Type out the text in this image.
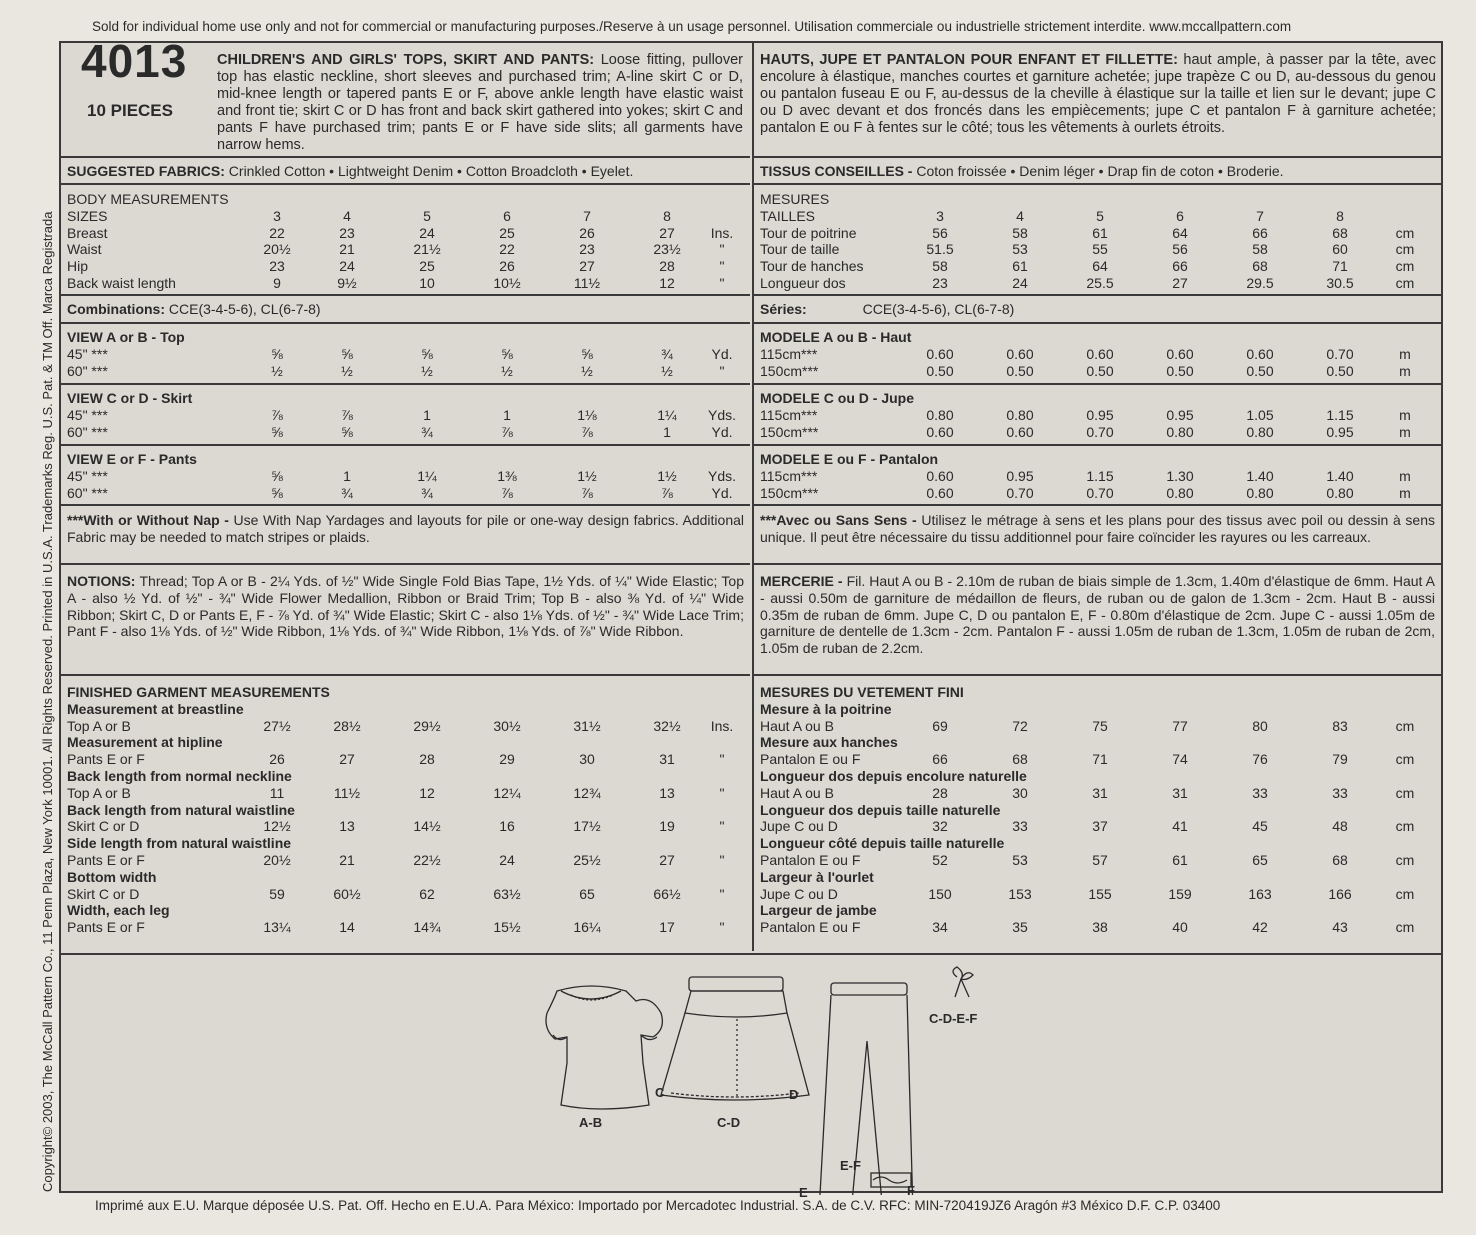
Sold for individual home use only and not for commercial or manufacturing purposes./Reserve à un usage personnel. Utilisation commerciale ou industrielle strictement interdite. www.mccallpattern.com
Copyright© 2003, The McCall Pattern Co., 11 Penn Plaza, New York 10001. All Rights Reserved. Printed in U.S.A. Trademarks Reg. U.S. Pat. & TM Off. Marca Registrada
4013
10 PIECES
CHILDREN'S AND GIRLS' TOPS, SKIRT AND PANTS: Loose fitting, pullover top has elastic neckline, short sleeves and purchased trim; A-line skirt C or D, mid-knee length or tapered pants E or F, above ankle length have elastic waist and front tie; skirt C or D has front and back skirt gathered into yokes; skirt C and pants F have purchased trim; pants E or F have side slits; all garments have narrow hems.
SUGGESTED FABRICS: Crinkled Cotton • Lightweight Denim • Cotton Broadcloth • Eyelet.
BODY MEASUREMENTS
SIZES	3	4	5	6	7	8
Breast	22	23	24	25	26	27	Ins.
Waist	20½	21	21½	22	23	23½	"
Hip	23	24	25	26	27	28	"
Back waist length	9	9½	10	10½	11½	12	"
Combinations: CCE(3-4-5-6), CL(6-7-8)
VIEW A or B - Top
45" ***	⅝	⅝	⅝	⅝	⅝	¾	Yd.
60" ***	½	½	½	½	½	½	"
VIEW C or D - Skirt
45" ***	⅞	⅞	1	1	1⅛	1¼	Yds.
60" ***	⅝	⅝	¾	⅞	⅞	1	Yd.
VIEW E or F - Pants
45" ***	⅝	1	1¼	1⅜	1½	1½	Yds.
60" ***	⅝	¾	¾	⅞	⅞	⅞	Yd.
***With or Without Nap - Use With Nap Yardages and layouts for pile or one-way design fabrics. Additional Fabric may be needed to match stripes or plaids.
NOTIONS: Thread; Top A or B - 2¼ Yds. of ½" Wide Single Fold Bias Tape, 1½ Yds. of ¼" Wide Elastic; Top A - also ½ Yd. of ½" - ¾" Wide Flower Medallion, Ribbon or Braid Trim; Top B - also ⅜ Yd. of ¼" Wide Ribbon; Skirt C, D or Pants E, F - ⅞ Yd. of ¾" Wide Elastic; Skirt C - also 1⅛ Yds. of ½" - ¾" Wide Lace Trim; Pant F - also 1⅛ Yds. of ½" Wide Ribbon, 1⅛ Yds. of ¾" Wide Ribbon, 1⅛ Yds. of ⅞" Wide Ribbon.
FINISHED GARMENT MEASUREMENTS
Measurement at breastline
Top A or B	27½	28½	29½	30½	31½	32½	Ins.
Measurement at hipline
Pants E or F	26	27	28	29	30	31	"
Back length from normal neckline
Top A or B	11	11½	12	12¼	12¾	13	"
Back length from natural waistline
Skirt C or D	12½	13	14½	16	17½	19	"
Side length from natural waistline
Pants E or F	20½	21	22½	24	25½	27	"
Bottom width
Skirt C or D	59	60½	62	63½	65	66½	"
Width, each leg
Pants E or F	13¼	14	14¾	15½	16¼	17	"
HAUTS, JUPE ET PANTALON POUR ENFANT ET FILLETTE: haut ample, à passer par la tête, avec encolure à élastique, manches courtes et garniture achetée; jupe trapèze C ou D, au-dessous du genou ou pantalon fuseau E ou F, au-dessus de la cheville à élastique sur la taille et lien sur le devant; jupe C ou D avec devant et dos froncés dans les empiècements; jupe C et pantalon F à garniture achetée; pantalon E ou F à fentes sur le côté; tous les vêtements à ourlets étroits.
TISSUS CONSEILLES - Coton froissée • Denim léger • Drap fin de coton • Broderie.
MESURES
TAILLES	3	4	5	6	7	8
Tour de poitrine	56	58	61	64	66	68	cm
Tour de taille	51.5	53	55	56	58	60	cm
Tour de hanches	58	61	64	66	68	71	cm
Longueur dos	23	24	25.5	27	29.5	30.5	cm
Séries:	CCE(3-4-5-6), CL(6-7-8)
MODELE A ou B - Haut
115cm***	0.60	0.60	0.60	0.60	0.60	0.70	m
150cm***	0.50	0.50	0.50	0.50	0.50	0.50	m
MODELE C ou D - Jupe
115cm***	0.80	0.80	0.95	0.95	1.05	1.15	m
150cm***	0.60	0.60	0.70	0.80	0.80	0.95	m
MODELE E ou F - Pantalon
115cm***	0.60	0.95	1.15	1.30	1.40	1.40	m
150cm***	0.60	0.70	0.70	0.80	0.80	0.80	m
***Avec ou Sans Sens - Utilisez le métrage à sens et les plans pour des tissus avec poil ou dessin à sens unique. Il peut être nécessaire du tissu additionnel pour faire coïncider les rayures ou les carreaux.
MERCERIE - Fil. Haut A ou B - 2.10m de ruban de biais simple de 1.3cm, 1.40m d'élastique de 6mm. Haut A - aussi 0.50m de garniture de médaillon de fleurs, de ruban ou de galon de 1.3cm - 2cm. Haut B - aussi 0.35m de ruban de 6mm. Jupe C, D ou pantalon E, F - 0.80m d'élastique de 2cm. Jupe C - aussi 1.05m de garniture de dentelle de 1.3cm - 2cm. Pantalon F - aussi 1.05m de ruban de 1.3cm, 1.05m de ruban de 2cm, 1.05m de ruban de 2.2cm.
MESURES DU VETEMENT FINI
Mesure à la poitrine
Haut A ou B	69	72	75	77	80	83	cm
Mesure aux hanches
Pantalon E ou F	66	68	71	74	76	79	cm
Longueur dos depuis encolure naturelle
Haut A ou B	28	30	31	31	33	33	cm
Longueur dos depuis taille naturelle
Jupe C ou D	32	33	37	41	45	48	cm
Longueur côté depuis taille naturelle
Pantalon E ou F	52	53	57	61	65	68	cm
Largeur à l'ourlet
Jupe C ou D	150	153	155	159	163	166	cm
Largeur de jambe
Pantalon E ou F	34	35	38	40	42	43	cm
A-B
C	D
C-D
E	F
C-D-E-F
E-F
Imprimé aux E.U. Marque déposée U.S. Pat. Off. Hecho en E.U.A. Para México: Importado por Mercadotec Industrial. S.A. de C.V. RFC: MIN-720419JZ6 Aragón #3 México D.F. C.P. 03400
